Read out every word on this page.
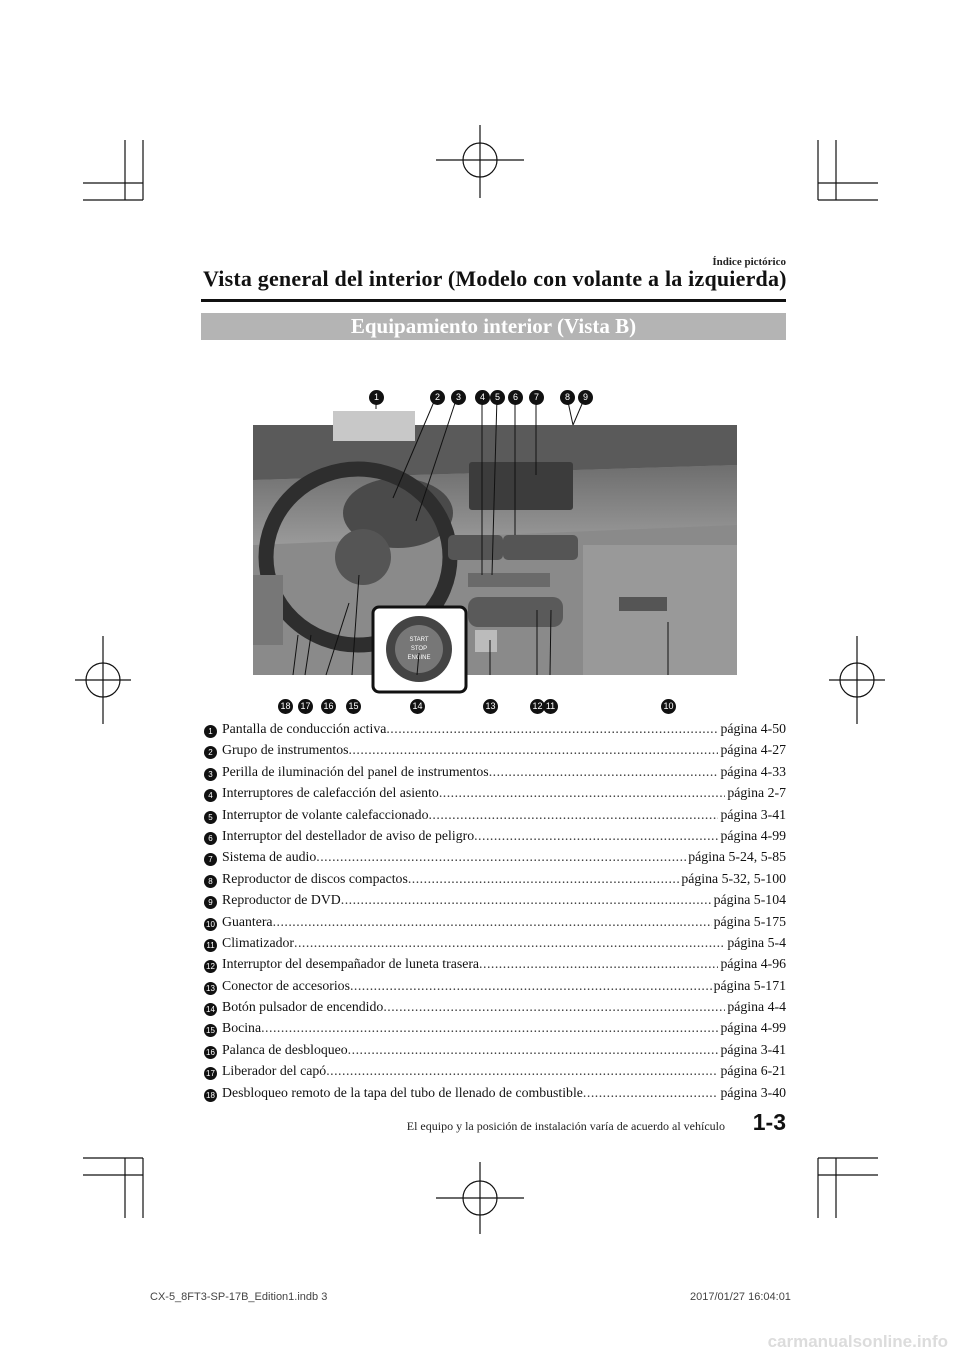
Índice pictórico
Vista general del interior (Modelo con volante a la izquierda)
Equipamiento interior (Vista B)
START
STOP
ENGINE
1	2	3	4	5	6	7	8	9
10
11
12
13
14
15
16
17
18
1 Pantalla de conducción activa .....	página 4-50
2 Grupo de instrumentos .....	página 4-27
3 Perilla de iluminación del panel de instrumentos .....	página 4-33
4 Interruptores de calefacción del asiento .....	página 2-7
5 Interruptor de volante calefaccionado .....	página 3-41
6 Interruptor del destellador de aviso de peligro .....	página 4-99
7 Sistema de audio .....	página 5-24, 5-85
8 Reproductor de discos compactos .....	página 5-32, 5-100
9 Reproductor de DVD .....	página 5-104
10 Guantera .....	página 5-175
11 Climatizador .....	página 5-4
12 Interruptor del desempañador de luneta trasera .....	página 4-96
13 Conector de accesorios .....	página 5-171
14 Botón pulsador de encendido .....	página 4-4
15 Bocina .....	página 4-99
16 Palanca de desbloqueo .....	página 3-41
17 Liberador del capó .....	página 6-21
18 Desbloqueo remoto de la tapa del tubo de llenado de combustible .....	página 3-40
El equipo y la posición de instalación varía de acuerdo al vehículo	1-3
CX-5_8FT3-SP-17B_Edition1.indb 3	2017/01/27 16:04:01
carmanualsonline.info
